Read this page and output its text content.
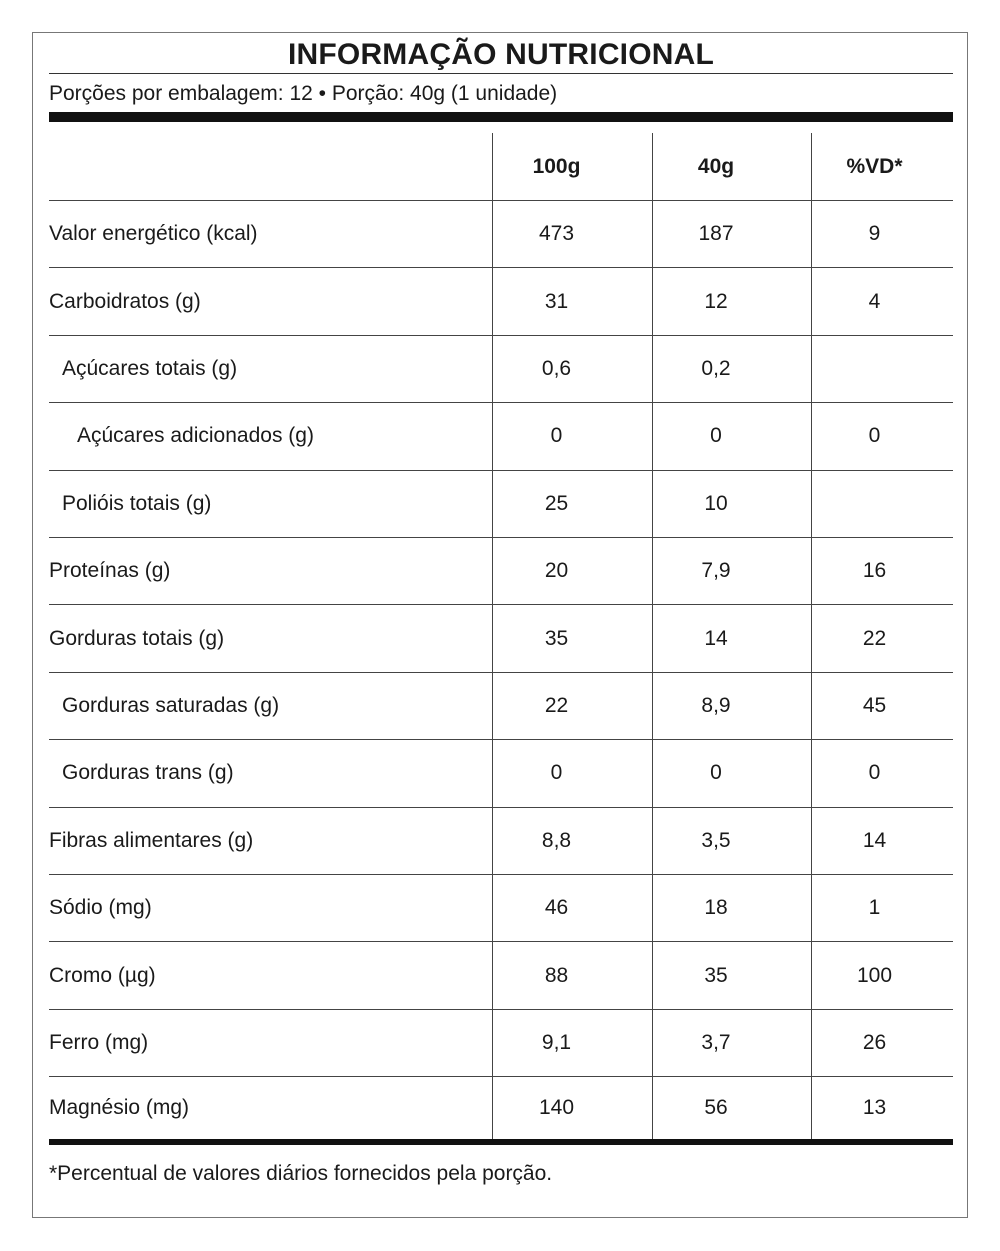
INFORMAÇÃO NUTRICIONAL
Porções por embalagem: 12 • Porção: 40g (1 unidade)
100g	40g	%VD*
Valor energético (kcal)	473	187	9
Carboidratos (g)	31	12	4
Açúcares totais (g)	0,6	0,2
Açúcares adicionados (g)	0	0	0
Polióis totais (g)	25	10
Proteínas (g)	20	7,9	16
Gorduras totais (g)	35	14	22
Gorduras saturadas (g)	22	8,9	45
Gorduras trans (g)	0	0	0
Fibras alimentares (g)	8,8	3,5	14
Sódio (mg)	46	18	1
Cromo (µg)	88	35	100
Ferro (mg)	9,1	3,7	26
Magnésio (mg)	140	56	13
*Percentual de valores diários fornecidos pela porção.
